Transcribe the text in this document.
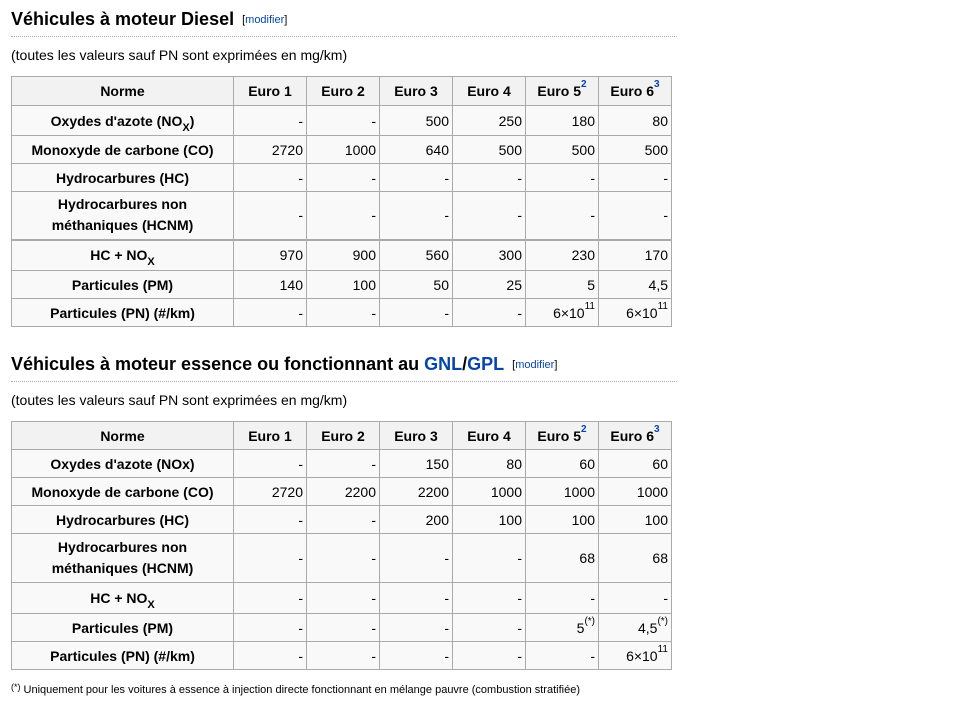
Véhicules à moteur Diesel [modifier]
(toutes les valeurs sauf PN sont exprimées en mg/km)
Norme	Euro 1	Euro 2	Euro 3	Euro 4	Euro 5$^2$	Euro 6$^3$
Oxydes d'azote $(NO_X)$	-	-	500	250	180	80
Monoxyde de carbone (CO)	2720	1000	640	500	500	500
Hydrocarbures (HC)	-	-	-	-	-	-
Hydrocarbures non
méthaniques (HCNM)	-	-	-	-	-	-
HC + $NO_X$	970	900	560	300	230	170
Particules (PM)	140	100	50	25	5	4,5
Particules (PN) (#/km)	-	-	-	-	$6\times 10^{11}$	$6\times 10^{11}$
Véhicules à moteur essence ou fonctionnant au GNL/GPL [modifier]
(toutes les valeurs sauf PN sont exprimées en mg/km)
Norme	Euro 1	Euro 2	Euro 3	Euro 4	Euro 5$^2$	Euro 6$^3$
Oxydes d'azote (NOx)	-	-	150	80	60	60
Monoxyde de carbone (CO)	2720	2200	2200	1000	1000	1000
Hydrocarbures (HC)	-	-	200	100	100	100
Hydrocarbures non
méthaniques (HCNM)	-	-	-	-	68	68
HC + $NO_X$	-	-	-	-	-	-
Particules (PM)	-	-	-	-	5(*)	4,5(*)
Particules (PN) (#/km)	-	-	-	-	-	$6\times 10^{11}$
(*) Uniquement pour les voitures à essence à injection directe fonctionnant en mélange pauvre (combustion stratifiée)
